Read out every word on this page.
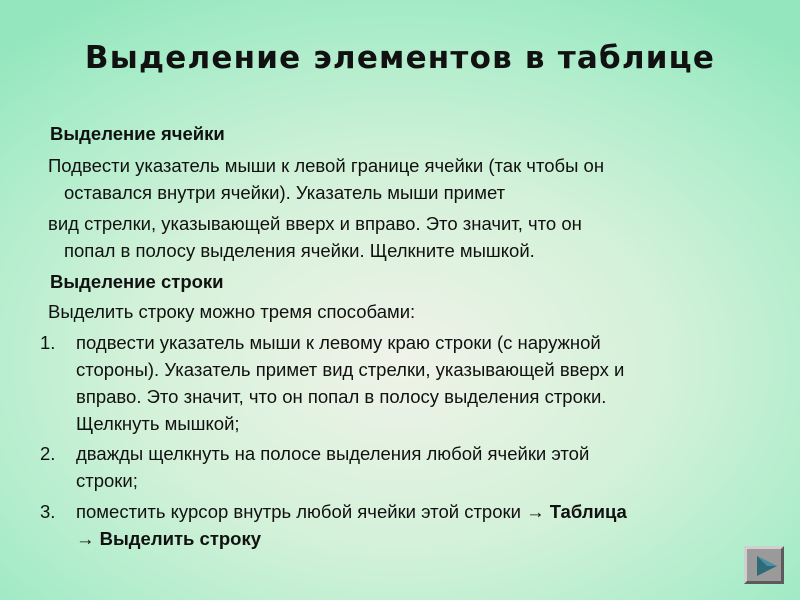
Выделение элементов в таблице
Выделение ячейки
Подвести указатель мыши к левой границе ячейки (так чтобы он
оставался внутри ячейки). Указатель мыши примет
вид стрелки, указывающей вверх и вправо. Это значит, что он
попал в полосу выделения ячейки. Щелкните мышкой.
Выделение строки
Выделить строку можно тремя способами:
1. подвести указатель мыши к левому краю строки (с наружной
стороны). Указатель примет вид стрелки, указывающей вверх и
вправо. Это значит, что он попал в полосу выделения строки.
Щелкнуть мышкой;
2. дважды щелкнуть на полосе выделения любой ячейки этой
строки;
3. поместить курсор внутрь любой ячейки этой строки → Таблица
→ Выделить строку
